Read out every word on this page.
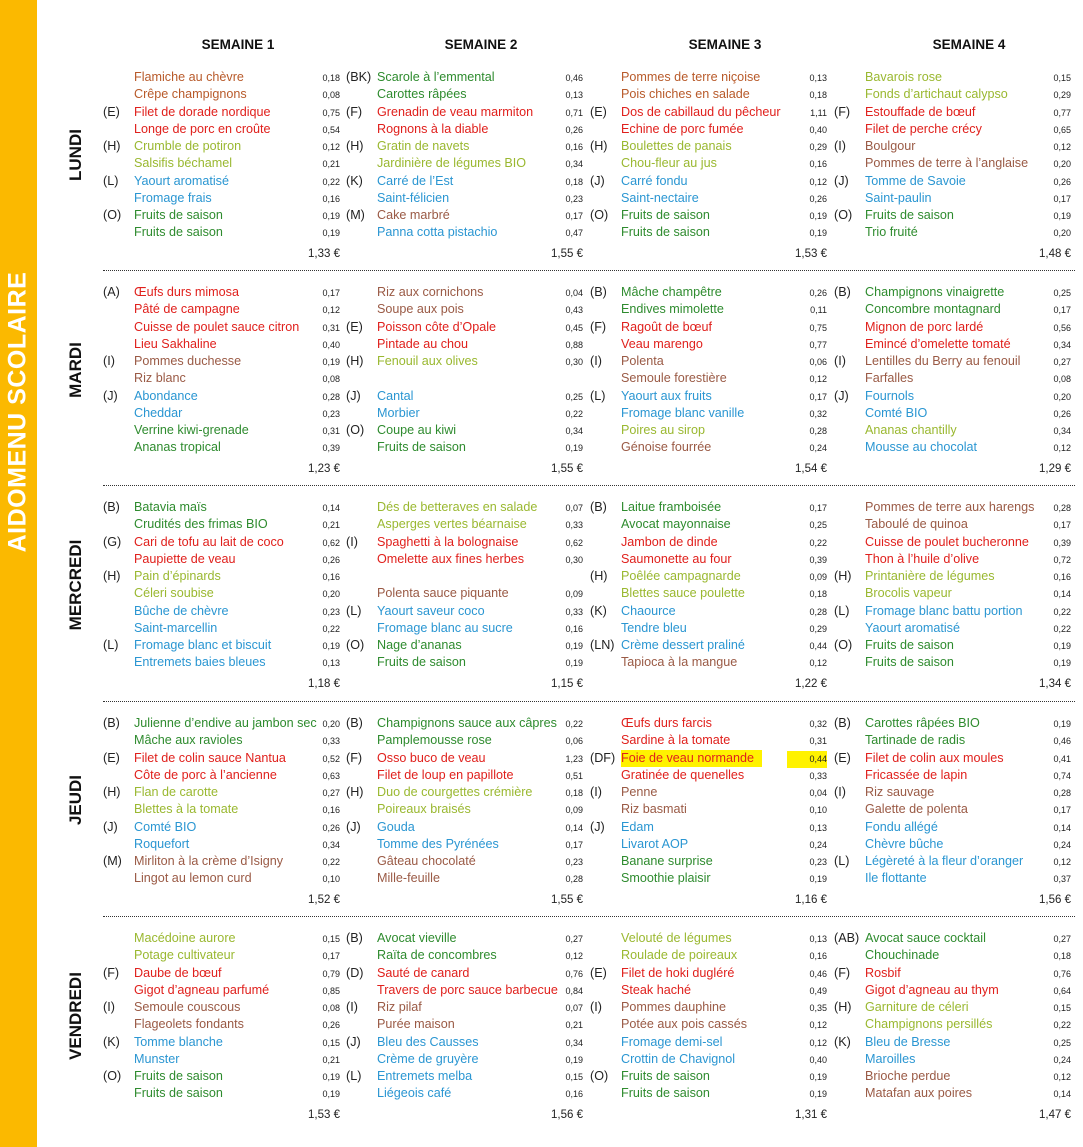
AIDOMENU SCOLAIRE
SEMAINE 1	SEMAINE 2	SEMAINE 3	SEMAINE 4
LUNDI
Flamiche au chèvre	0,18
Crêpe champignons	0,08
(E) Filet de dorade nordique	0,75
Longe de porc en croûte	0,54
(H) Crumble de potiron	0,12
Salsifis béchamel	0,21
(L) Yaourt aromatisé	0,22
Fromage frais	0,16
(O) Fruits de saison	0,19
Fruits de saison	0,19
1,33 €
(BK) Scarole à l’emmental	0,46
Carottes râpées	0,13
(F) Grenadin de veau marmiton	0,71
Rognons à la diable	0,26
(H) Gratin de navets	0,16
Jardinière de légumes BIO	0,34
(K) Carré de l’Est	0,18
Saint-félicien	0,23
(M) Cake marbré	0,17
Panna cotta pistachio	0,47
1,55 €
Pommes de terre niçoise	0,13
Pois chiches en salade	0,18
(E) Dos de cabillaud du pêcheur	1,11
Echine de porc fumée	0,40
(H) Boulettes de panais	0,29
Chou-fleur au jus	0,16
(J) Carré fondu	0,12
Saint-nectaire	0,26
(O) Fruits de saison	0,19
Fruits de saison	0,19
1,53 €
Bavarois rose	0,15
Fonds d’artichaut calypso	0,29
(F) Estouffade de bœuf	0,77
Filet de perche crécy	0,65
(I) Boulgour	0,12
Pommes de terre à l’anglaise	0,20
(J) Tomme de Savoie	0,26
Saint-paulin	0,17
(O) Fruits de saison	0,19
Trio fruité	0,20
1,48 €
MARDI
(A) Œufs durs mimosa	0,17
Pâté de campagne	0,12
Cuisse de poulet sauce citron	0,31
Lieu Sakhaline	0,40
(I) Pommes duchesse	0,19
Riz blanc	0,08
(J) Abondance	0,28
Cheddar	0,23
Verrine kiwi-grenade	0,31
Ananas tropical	0,39
1,23 €
Riz aux cornichons	0,04
Soupe aux pois	0,43
(E) Poisson côte d’Opale	0,45
Pintade au chou	0,88
(H) Fenouil aux olives	0,30
(J) Cantal	0,25
Morbier	0,22
(O) Coupe au kiwi	0,34
Fruits de saison	0,19
1,55 €
(B) Mâche champêtre	0,26
Endives mimolette	0,11
(F) Ragoût de bœuf	0,75
Veau marengo	0,77
(I) Polenta	0,06
Semoule forestière	0,12
(L) Yaourt aux fruits	0,17
Fromage blanc vanille	0,32
Poires au sirop	0,28
Génoise fourrée	0,24
1,54 €
(B) Champignons vinaigrette	0,25
Concombre montagnard	0,17
Mignon de porc lardé	0,56
Emincé d’omelette tomaté	0,34
(I) Lentilles du Berry au fenouil	0,27
Farfalles	0,08
(J) Fournols	0,20
Comté BIO	0,26
Ananas chantilly	0,34
Mousse au chocolat	0,12
1,29 €
MERCREDI
(B) Batavia maïs	0,14
Crudités des frimas BIO	0,21
(G) Cari de tofu au lait de coco	0,62
Paupiette de veau	0,26
(H) Pain d’épinards	0,16
Céleri soubise	0,20
Bûche de chèvre	0,23
Saint-marcellin	0,22
(L) Fromage blanc et biscuit	0,19
Entremets baies bleues	0,13
1,18 €
Dés de betteraves en salade	0,07
Asperges vertes béarnaise	0,33
(I) Spaghetti à la bolognaise	0,62
Omelette aux fines herbes	0,30
Polenta sauce piquante	0,09
(L) Yaourt saveur coco	0,33
Fromage blanc au sucre	0,16
(O) Nage d’ananas	0,19
Fruits de saison	0,19
1,15 €
(B) Laitue framboisée	0,17
Avocat mayonnaise	0,25
Jambon de dinde	0,22
Saumonette au four	0,39
(H) Poêlée campagnarde	0,09
Blettes sauce poulette	0,18
(K) Chaource	0,28
Tendre bleu	0,29
(LN) Crème dessert praliné	0,44
Tapioca à la mangue	0,12
1,22 €
Pommes de terre aux harengs	0,28
Taboulé de quinoa	0,17
Cuisse de poulet bucheronne	0,39
Thon à l’huile d’olive	0,72
(H) Printanière de légumes	0,16
Brocolis vapeur	0,14
(L) Fromage blanc battu portion	0,22
Yaourt aromatisé	0,22
(O) Fruits de saison	0,19
Fruits de saison	0,19
1,34 €
JEUDI
(B) Julienne d’endive au jambon sec 0,20
Mâche aux ravioles	0,33
(E) Filet de colin sauce Nantua	0,52
Côte de porc à l’ancienne	0,63
(H) Flan de carotte	0,27
Blettes à la tomate	0,16
(J) Comté BIO	0,26
Roquefort	0,34
(M) Mirliton à la crème d’Isigny	0,22
Lingot au lemon curd	0,10
1,52 €
(B) Champignons sauce aux câpres 0,22
Pamplemousse rose	0,06
(F) Osso buco de veau	1,23
Filet de loup en papillote	0,51
(H) Duo de courgettes crémière	0,18
Poireaux braisés	0,09
(J) Gouda	0,14
Tomme des Pyrénées	0,17
Gâteau chocolaté	0,23
Mille-feuille	0,28
1,55 €
Œufs durs farcis	0,32
Sardine à la tomate	0,31
(DF) Foie de veau normande	0,44
Gratinée de quenelles	0,33
(I) Penne	0,04
Riz basmati	0,10
(J) Edam	0,13
Livarot AOP	0,24
Banane surprise	0,23
Smoothie plaisir	0,19
1,16 €
(B) Carottes râpées BIO	0,19
Tartinade de radis	0,46
(E) Filet de colin aux moules	0,41
Fricassée de lapin	0,74
(I) Riz sauvage	0,28
Galette de polenta	0,17
Fondu allégé	0,14
Chèvre bûche	0,24
(L) Légèreté à la fleur d’oranger	0,12
Ile flottante	0,37
1,56 €
VENDREDI
Macédoine aurore	0,15
Potage cultivateur	0,17
(F) Daube de bœuf	0,79
Gigot d’agneau parfumé	0,85
(I) Semoule couscous	0,08
Flageolets fondants	0,26
(K) Tomme blanche	0,15
Munster	0,21
(O) Fruits de saison	0,19
Fruits de saison	0,19
1,53 €
(B) Avocat vieville	0,27
Raïta de concombres	0,12
(D) Sauté de canard	0,76
Travers de porc sauce barbecue 0,84
(I) Riz pilaf	0,07
Purée maison	0,21
(J) Bleu des Causses	0,34
Crème de gruyère	0,19
(L) Entremets melba	0,15
Liégeois café	0,16
1,56 €
Velouté de légumes	0,13
Roulade de poireaux	0,16
(E) Filet de hoki dugléré	0,46
Steak haché	0,49
(I) Pommes dauphine	0,35
Potée aux pois cassés	0,12
Fromage demi-sel	0,12
Crottin de Chavignol	0,40
(O) Fruits de saison	0,19
Fruits de saison	0,19
1,31 €
(AB) Avocat sauce cocktail	0,27
Chouchinade	0,18
(F) Rosbif	0,76
Gigot d’agneau au thym	0,64
(H) Garniture de céleri	0,15
Champignons persillés	0,22
(K) Bleu de Bresse	0,25
Maroilles	0,24
Brioche perdue	0,12
Matafan aux poires	0,14
1,47 €
